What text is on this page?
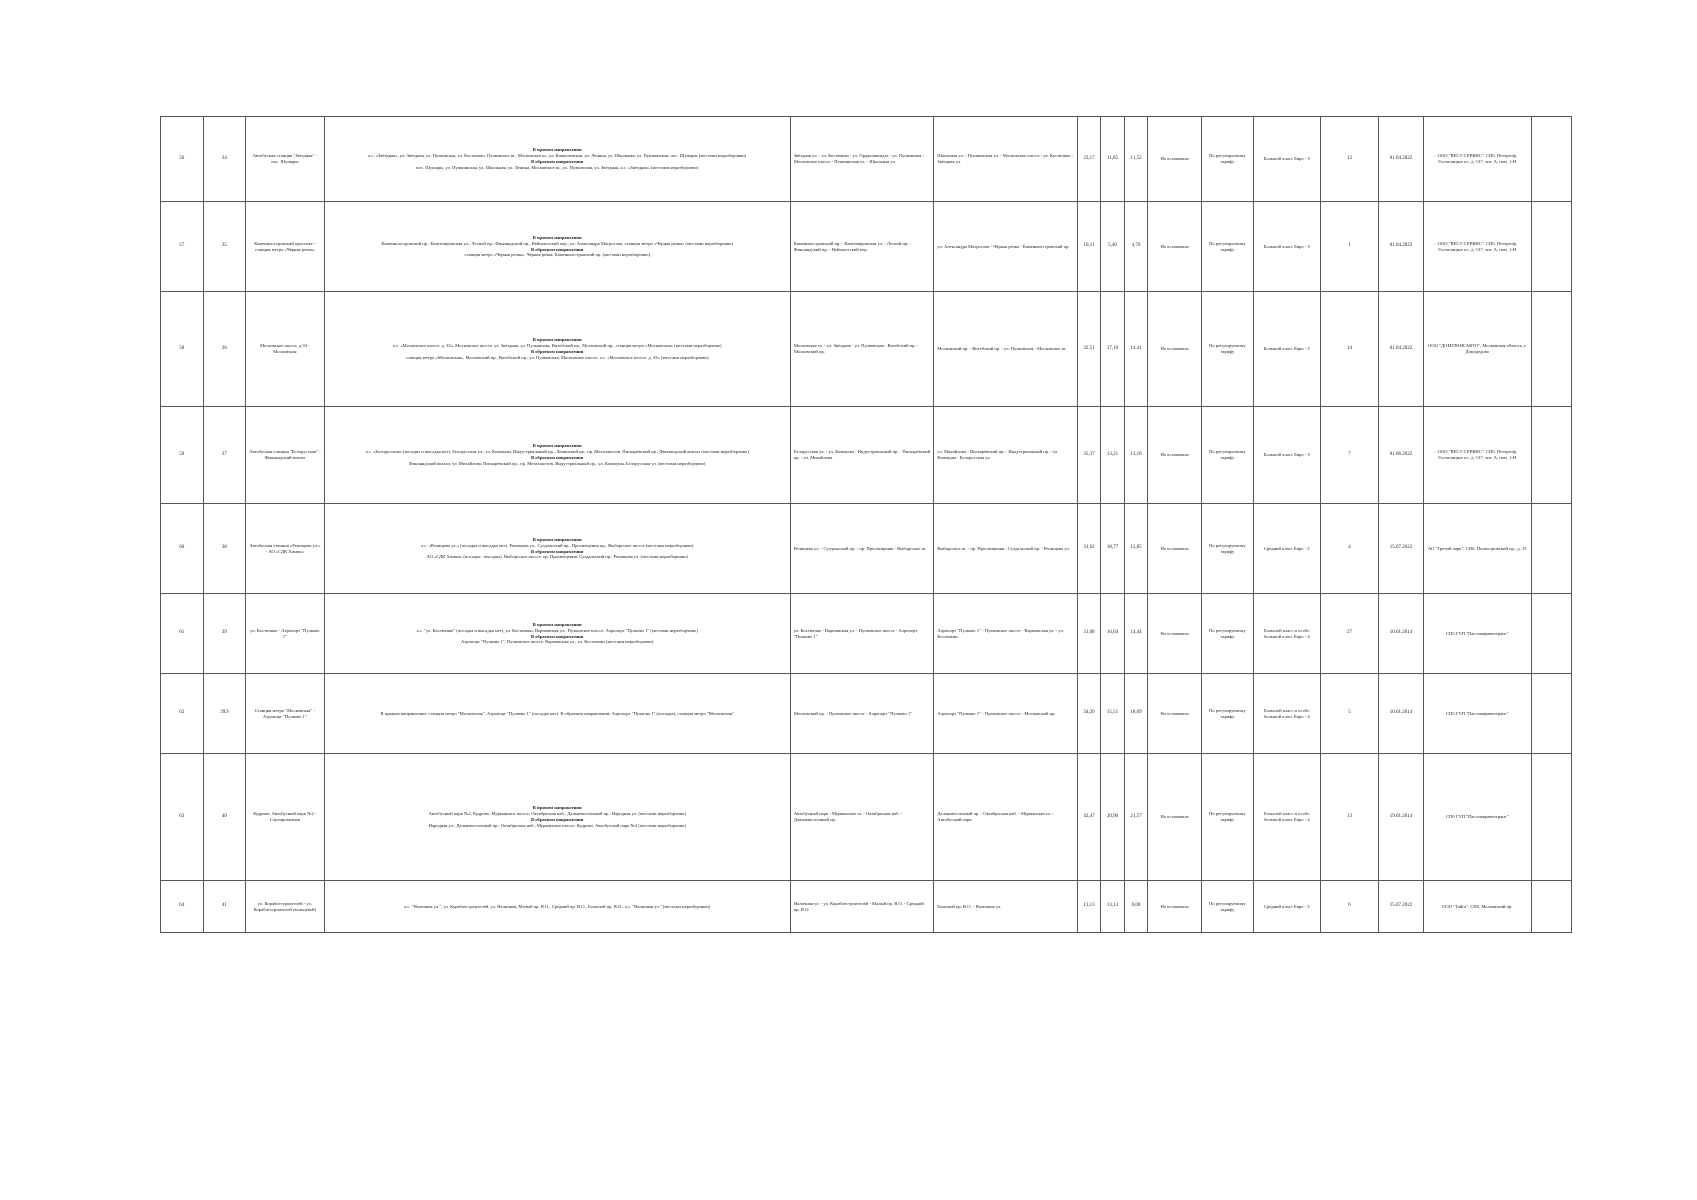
56	34	Автобусная станция "Звёздная" - пос. Шушары	В прямом направлении
а.с. «Звёздная», ул. Звёздная, ул. Пулковская, ул. Костюшко, Пулковское ш., Московское ш., ул. Кокколевская, ул. Ленина, ул. Школьная, ул. Пушкинская, пос. Шушары (местами неразборчиво)
В обратном направлении
пос. Шушары, ул. Пушкинская, ул. Школьная, ул. Ленина, Московское ш., ул. Пулковская, ул. Звёздная, а.с. «Звёздная» (местами неразборчиво)	Звёздная ул. - ул. Костюшко - ул. Орджоникидзе - ул. Пулковская - Московское шоссе - Пушкинская ул. - Школьная ул.	Школьная ул. - Пушкинская ул. - Московское шоссе - ул. Костюшко - Звёздная ул.	23,17	11,65	11,52	На остановках	По регулируемому тарифу	Большой класс Евро - 5	12	01.04.2022	ООО "ВЕСТ-СЕРВИС", СПб, Петергоф, Гостилицкое ш., д. 137, лит. А, пом. 1-Н	
57	35	Каменноостровский проспект - станция метро «Чёрная речка»	В прямом направлении
Каменноостровский пр., Кантемировская ул., Лесной пр., Финляндский пр., Нейшлотский пер., ул. Александра Матросова, станция метро «Чёрная речка» (местами неразборчиво)
В обратном направлении
станция метро «Чёрная речка», Чёрная речка, Каменноостровский пр. (местами неразборчиво)	Каменноостровский пр. - Кантемировская ул. - Лесной пр. - Финляндский пр. - Нейшлотский пер.	ул. Александра Матросова - Чёрная речка - Каменноостровский пр.	10,11	5,40	4,70	На остановках	По регулируемому тарифу	Большой класс Евро - 5	1	01.04.2022	ООО "ВЕСТ-СЕРВИС", СПб, Петергоф, Гостилицкое ш., д. 137, лит. А, пом. 1-Н	
58	36	Московское шоссе, д.33 - Московская	В прямом направлении
а.с. «Московское шоссе, д. 33», Московское шоссе, ул. Звёздная, ул. Пулковская, Витебский пр., Московский пр., станция метро «Московская» (местами неразборчиво)
В обратном направлении
станция метро «Московская», Московский пр., Витебский пр., ул. Пулковская, Московское шоссе, а.с. «Московское шоссе, д. 33» (местами неразборчиво)	Московское ш. - ул. Звёздная - ул. Пулковская - Витебский пр. - Московский пр.	Московский пр. - Витебский пр. - ул. Пулковская - Московское ш.	32,51	17,10	14,41	На остановках	По регулируемому тарифу	Большой класс Евро - 5	14	01.04.2022	ООО "ДОМТРАНСАВТО", Московская область, г. Домодедово	
59	37	Автобусная станция "Белорусская" - Финляндский вокзал	В прямом направлении
а.с. «Белорусская» (посадка и высадка нет), Белорусская ул., ул. Коммуны, Индустриальный пр., Ленинский пр., пр. Металлистов, Пискарёвский пр., Финляндский вокзал (местами неразборчиво)
В обратном направлении
Финляндский вокзал, ул. Михайлова, Пискарёвский пр., пр. Металлистов, Индустриальный пр., ул. Коммуны, Белорусская ул. (местами неразборчиво)	Белорусская ул. - ул. Коммуны - Индустриальный пр. - Пискарёвский пр. - ул. Михайлова	ул. Михайлова - Пискарёвский пр. - Индустриальный пр. - ул. Коммуны - Белорусская ул.	35,37	13,21	13,16	На остановках	По регулируемому тарифу	Большой класс Евро - 5	7	01.06.2022	ООО "ВЕСТ-СЕРВИС", СПб, Петергоф, Гостилицкое ш., д. 137, лит. А, пом. 1-Н	
60	38	Автобусная станция «Репищева ул.» - АО «СДК Химки»	В прямом направлении
а.с. «Репищева ул.» (посадка и высадка нет), Репищева ул., Суздальский пр., Просвещения пр., Выборгское шоссе (местами неразборчиво)
В обратном направлении
АО «СДК Химки» (посадка - высадка), Выборгское шоссе, пр. Просвещения, Суздальский пр., Репищева ул. (местами неразборчиво)	Репищева ул. - Суздальский пр. - пр. Просвещения - Выборгское ш.	Выборгское ш. - пр. Просвещения - Суздальский пр. - Репищева ул.	31,62	18,77	12,85	На остановках	По регулируемому тарифу	Средний класс Евро - 5	4	15.07.2022	АО "Третий парк", СПб, Полюстровский пр., д. 15	
61	39	ул. Костюшко - Аэропорт "Пулково 1"	В прямом направлении
а.с. "ул. Костюшко" (посадка и высадка нет), ул. Костюшко, Варшавская ул., Пулковское шоссе, Аэропорт "Пулково 1" (местами неразборчиво)
В обратном направлении
Аэропорт "Пулково 1", Пулковское шоссе, Варшавская ул., ул. Костюшко (местами неразборчиво)	ул. Костюшко - Варшавская ул. - Пулковское шоссе - Аэропорт "Пулково 1"	Аэропорт "Пулково 1" - Пулковское шоссе - Варшавская ул. - ул. Костюшко	31,08	16,64	14,44	На остановках	По регулируемому тарифу	Большой класс и особо большой класс Евро - 4	27	10.01.2014	СПб ГУП "Пассажиравтотранс"	
62	39Э	Станция метро "Московская" - Аэропорт "Пулково 1"	В прямом направлении: станция метро "Московская", Аэропорт "Пулково 1" (посадка нет). В обратном направлении: Аэропорт "Пулково 1" (посадка), станция метро "Московская"	Московский пр. - Пулковское шоссе - Аэропорт "Пулково 1"	Аэропорт "Пулково 1" - Пулковское шоссе - Московский пр.	34,20	15,51	18,69	На остановках	По регулируемому тарифу	Большой класс и особо большой класс Евро - 4	5	10.01.2014	СПб ГУП "Пассажиравтотранс"	
63	40	Кудрово, Автобусный парк №2 - Сортировочная	В прямом направлении
Автобусный парк №2, Кудрово, Мурманское шоссе, Октябрьская наб., Дальневосточный пр., Народная ул. (местами неразборчиво)
В обратном направлении
Народная ул., Дальневосточный пр., Октябрьская наб., Мурманское шоссе, Кудрово, Автобусный парк №2 (местами неразборчиво)	Автобусный парк - Мурманское ш. - Октябрьская наб. - Дальневосточный пр.	Дальневосточный пр. - Октябрьская наб. - Мурманское ш. - Автобусный парк	42,47	20,90	21,57	На остановках	По регулируемому тарифу	Большой класс и особо большой класс Евро - 4	13	19.01.2014	СПб ГУП "Пассажиравтотранс"	
64	41	ул. Кораблестроителей - ул. Кораблестроителей (кольцевой)	а.с. "Наличная ул.", ул. Кораблестроителей, ул. Наличная, Малый пр. В.О., Средний пр. В.О., Большой пр. В.О., а.с. "Наличная ул." (местами неразборчиво)	Наличная ул. - ул. Кораблестроителей - Малый пр. В.О. - Средний пр. В.О.	Большой пр. В.О. - Наличная ул.	13,13	13,13	0,00	На остановках	По регулируемому тарифу	Средний класс Евро - 5	6	15.07.2022	ООО "Тайга", СПб, Московский пр.	
